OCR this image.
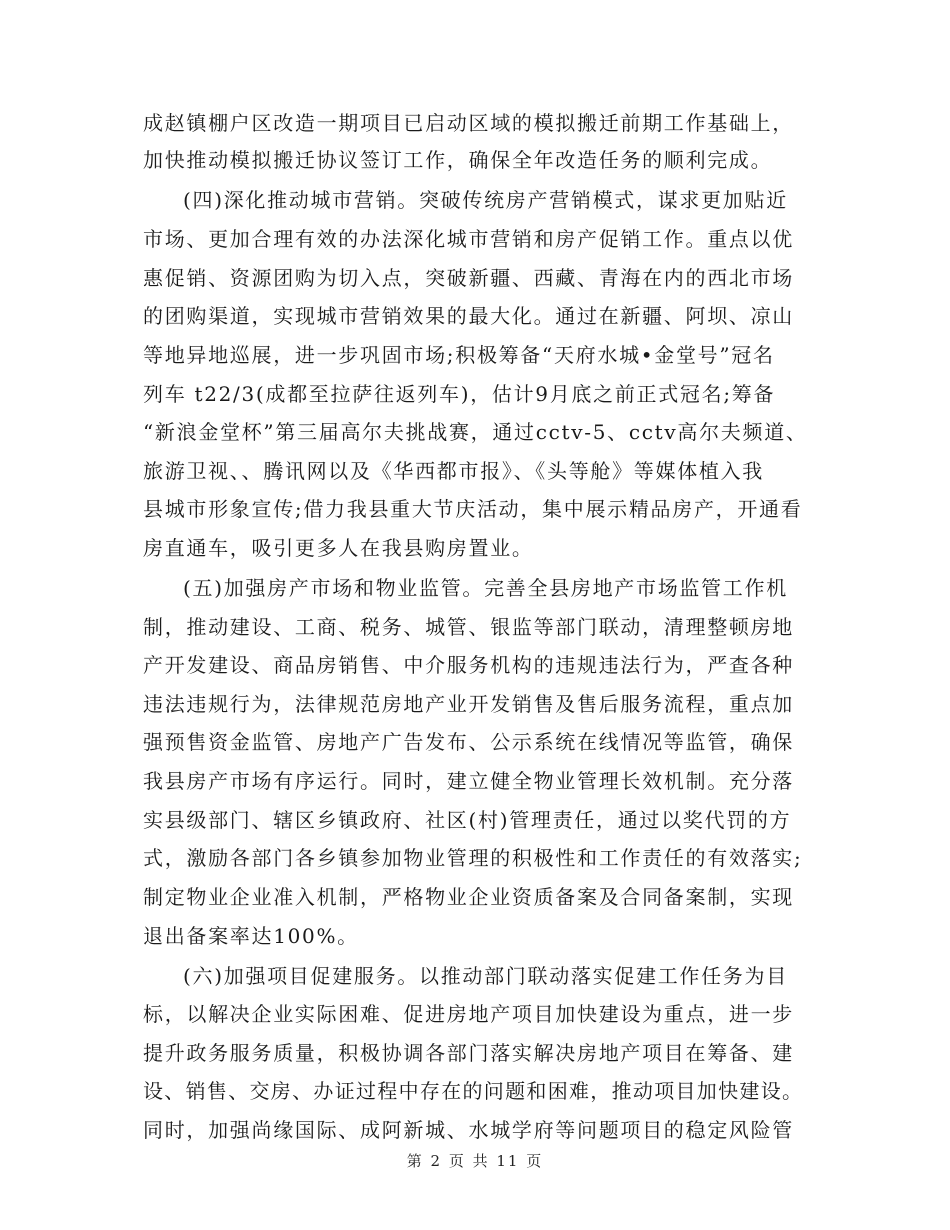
成赵镇棚户区改造一期项目已启动区域的模拟搬迁前期工作基础上，
加快推动模拟搬迁协议签订工作，确保全年改造任务的顺利完成。
(四)深化推动城市营销。突破传统房产营销模式，谋求更加贴近
市场、更加合理有效的办法深化城市营销和房产促销工作。重点以优
惠促销、资源团购为切入点，突破新疆、西藏、青海在内的西北市场
的团购渠道，实现城市营销效果的最大化。通过在新疆、阿坝、凉山
等地异地巡展，进一步巩固市场;积极筹备“天府水城•金堂号”冠名
列车 t22/3(成都至拉萨往返列车)，估计9月底之前正式冠名;筹备
“新浪金堂杯”第三届高尔夫挑战赛，通过cctv-5、cctv高尔夫频道、
旅游卫视、、腾讯网以及《华西都市报》、《头等舱》等媒体植入我
县城市形象宣传;借力我县重大节庆活动，集中展示精品房产，开通看
房直通车，吸引更多人在我县购房置业。
(五)加强房产市场和物业监管。完善全县房地产市场监管工作机
制，推动建设、工商、税务、城管、银监等部门联动，清理整顿房地
产开发建设、商品房销售、中介服务机构的违规违法行为，严查各种
违法违规行为，法律规范房地产业开发销售及售后服务流程，重点加
强预售资金监管、房地产广告发布、公示系统在线情况等监管，确保
我县房产市场有序运行。同时，建立健全物业管理长效机制。充分落
实县级部门、辖区乡镇政府、社区(村)管理责任，通过以奖代罚的方
式，激励各部门各乡镇参加物业管理的积极性和工作责任的有效落实;
制定物业企业准入机制，严格物业企业资质备案及合同备案制，实现
退出备案率达100%。
(六)加强项目促建服务。以推动部门联动落实促建工作任务为目
标，以解决企业实际困难、促进房地产项目加快建设为重点，进一步
提升政务服务质量，积极协调各部门落实解决房地产项目在筹备、建
设、销售、交房、办证过程中存在的问题和困难，推动项目加快建设。
同时，加强尚缘国际、成阿新城、水城学府等问题项目的稳定风险管
第 2 页 共 11 页
